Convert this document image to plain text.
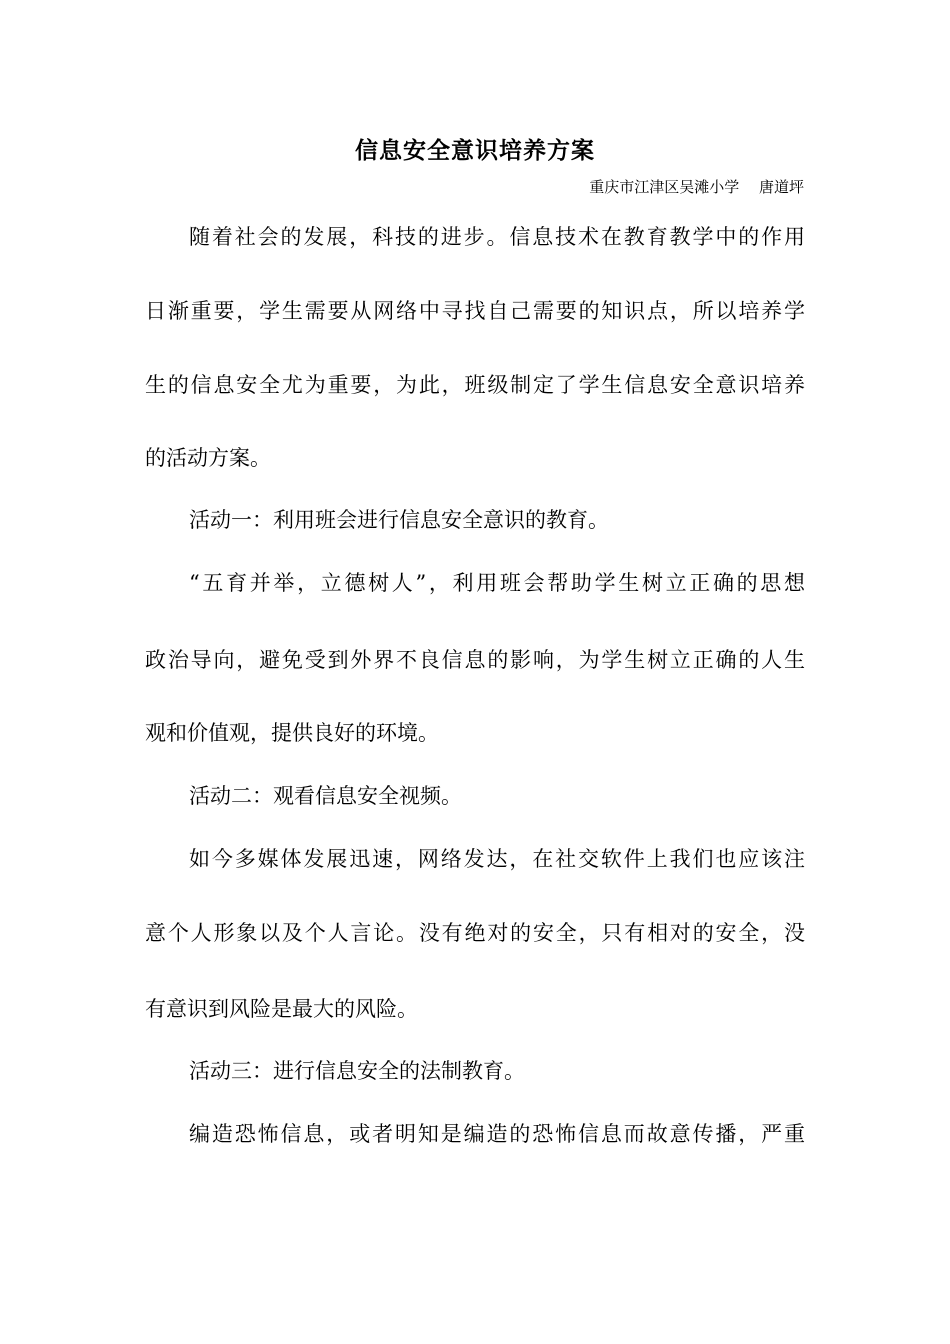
信息安全意识培养方案
重庆市江津区吴滩小学　 唐道坪
随着社会的发展，科技的进步。信息技术在教育教学中的作用
日渐重要，学生需要从网络中寻找自己需要的知识点，所以培养学
生的信息安全尤为重要，为此，班级制定了学生信息安全意识培养
的活动方案。
活动一：利用班会进行信息安全意识的教育。
“五育并举，立德树人”，利用班会帮助学生树立正确的思想
政治导向，避免受到外界不良信息的影响，为学生树立正确的人生
观和价值观，提供良好的环境。
活动二：观看信息安全视频。
如今多媒体发展迅速，网络发达，在社交软件上我们也应该注
意个人形象以及个人言论。没有绝对的安全，只有相对的安全，没
有意识到风险是最大的风险。
活动三：进行信息安全的法制教育。
编造恐怖信息，或者明知是编造的恐怖信息而故意传播，严重
